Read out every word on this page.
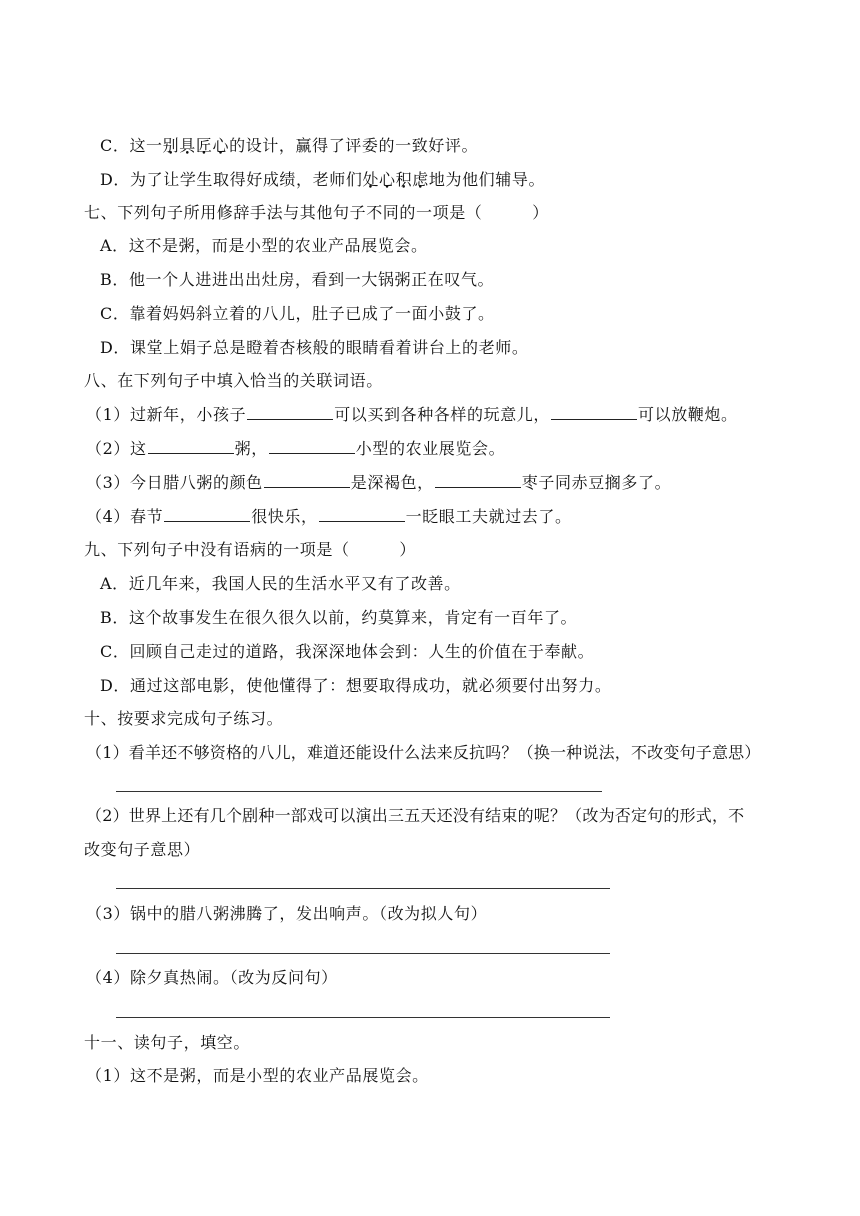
C．这一别具匠心的设计，赢得了评委的一致好评。
D．为了让学生取得好成绩，老师们处心积虑地为他们辅导。
七、下列句子所用修辞手法与其他句子不同的一项是（　　　）
A．这不是粥，而是小型的农业产品展览会。
B．他一个人进进出出灶房，看到一大锅粥正在叹气。
C．靠着妈妈斜立着的八儿，肚子已成了一面小鼓了。
D．课堂上娟子总是瞪着杏核般的眼睛看着讲台上的老师。
八、在下列句子中填入恰当的关联词语。
（1）过新年，小孩子	可以买到各种各样的玩意儿，	可以放鞭炮。
（2）这	粥，	小型的农业展览会。
（3）今日腊八粥的颜色	是深褐色，	枣子同赤豆搁多了。
（4）春节	很快乐，	一眨眼工夫就过去了。
九、下列句子中没有语病的一项是（　　　）
A．近几年来，我国人民的生活水平又有了改善。
B．这个故事发生在很久很久以前，约莫算来，肯定有一百年了。
C．回顾自己走过的道路，我深深地体会到：人生的价值在于奉献。
D．通过这部电影，使他懂得了：想要取得成功，就必须要付出努力。
十、按要求完成句子练习。
（1）看羊还不够资格的八儿，难道还能设什么法来反抗吗？（换一种说法，不改变句子意思）
（2）世界上还有几个剧种一部戏可以演出三五天还没有结束的呢？（改为否定句的形式，不
改变句子意思）
（3）锅中的腊八粥沸腾了，发出响声。（改为拟人句）
（4）除夕真热闹。（改为反问句）
十一、读句子，填空。
（1）这不是粥，而是小型的农业产品展览会。
